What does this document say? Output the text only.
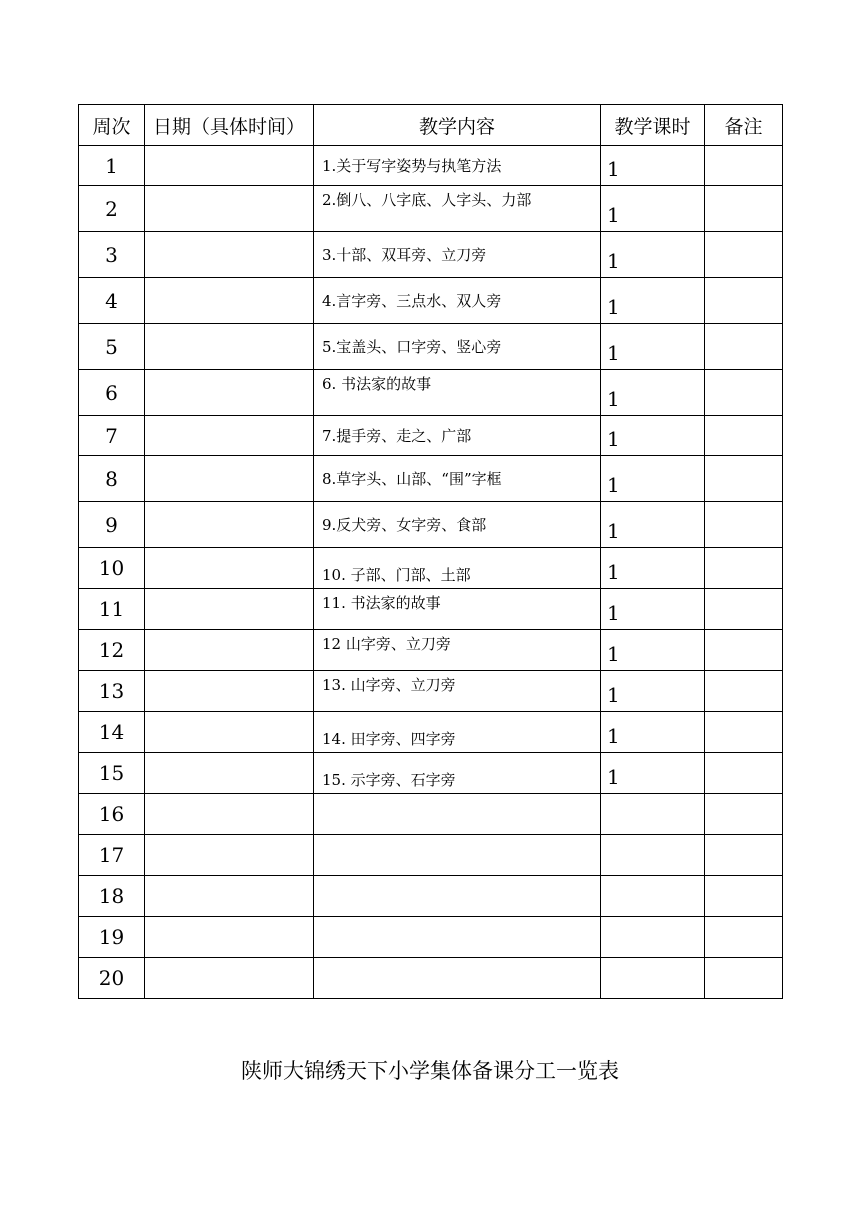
周次	日期（具体时间）	教学内容	教学课时	备注
1		1.关于写字姿势与执笔方法	1	
2		2.倒八、八字底、人字头、力部	1	
3		3.十部、双耳旁、立刀旁	1	
4		4.言字旁、三点水、双人旁	1	
5		5.宝盖头、口字旁、竖心旁	1	
6		6. 书法家的故事	1	
7		7.提手旁、走之、广部	1	
8		8.草字头、山部、“围”字框	1	
9		9.反犬旁、女字旁、食部	1	
10		10. 子部、门部、土部	1	
11		11. 书法家的故事	1	
12		12 山字旁、立刀旁	1	
13		13. 山字旁、立刀旁	1	
14		14. 田字旁、四字旁	1	
15		15. 示字旁、石字旁	1	
16				
17				
18				
19				
20				
陕师大锦绣天下小学集体备课分工一览表
